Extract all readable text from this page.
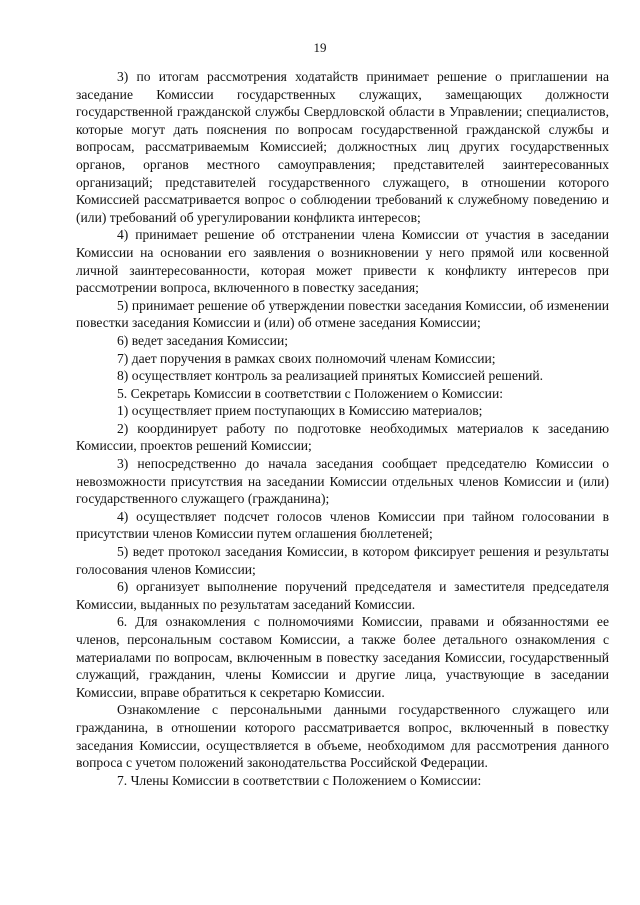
19

3) по итогам рассмотрения ходатайств принимает решение о приглашении на заседание Комиссии государственных служащих, замещающих должности государственной гражданской службы Свердловской области в Управлении; специалистов, которые могут дать пояснения по вопросам государственной гражданской службы и вопросам, рассматриваемым Комиссией; должностных лиц других государственных органов, органов местного самоуправления; представителей заинтересованных организаций; представителей государственного служащего, в отношении которого Комиссией рассматривается вопрос о соблюдении требований к служебному поведению и (или) требований об урегулировании конфликта интересов;

4) принимает решение об отстранении члена Комиссии от участия в заседании Комиссии на основании его заявления о возникновении у него прямой или косвенной личной заинтересованности, которая может привести к конфликту интересов при рассмотрении вопроса, включенного в повестку заседания;

5) принимает решение об утверждении повестки заседания Комиссии, об изменении повестки заседания Комиссии и (или) об отмене заседания Комиссии;

6) ведет заседания Комиссии;

7) дает поручения в рамках своих полномочий членам Комиссии;

8) осуществляет контроль за реализацией принятых Комиссией решений.

5. Секретарь Комиссии в соответствии с Положением о Комиссии:

1) осуществляет прием поступающих в Комиссию материалов;

2) координирует работу по подготовке необходимых материалов к заседанию Комиссии, проектов решений Комиссии;

3) непосредственно до начала заседания сообщает председателю Комиссии о невозможности присутствия на заседании Комиссии отдельных членов Комиссии и (или) государственного служащего (гражданина);

4) осуществляет подсчет голосов членов Комиссии при тайном голосовании в присутствии членов Комиссии путем оглашения бюллетеней;

5) ведет протокол заседания Комиссии, в котором фиксирует решения и результаты голосования членов Комиссии;

6) организует выполнение поручений председателя и заместителя председателя Комиссии, выданных по результатам заседаний Комиссии.

6. Для ознакомления с полномочиями Комиссии, правами и обязанностями ее членов, персональным составом Комиссии, а также более детального ознакомления с материалами по вопросам, включенным в повестку заседания Комиссии, государственный служащий, гражданин, члены Комиссии и другие лица, участвующие в заседании Комиссии, вправе обратиться к секретарю Комиссии.

Ознакомление с персональными данными государственного служащего или гражданина, в отношении которого рассматривается вопрос, включенный в повестку заседания Комиссии, осуществляется в объеме, необходимом для рассмотрения данного вопроса с учетом положений законодательства Российской Федерации.

7. Члены Комиссии в соответствии с Положением о Комиссии:
